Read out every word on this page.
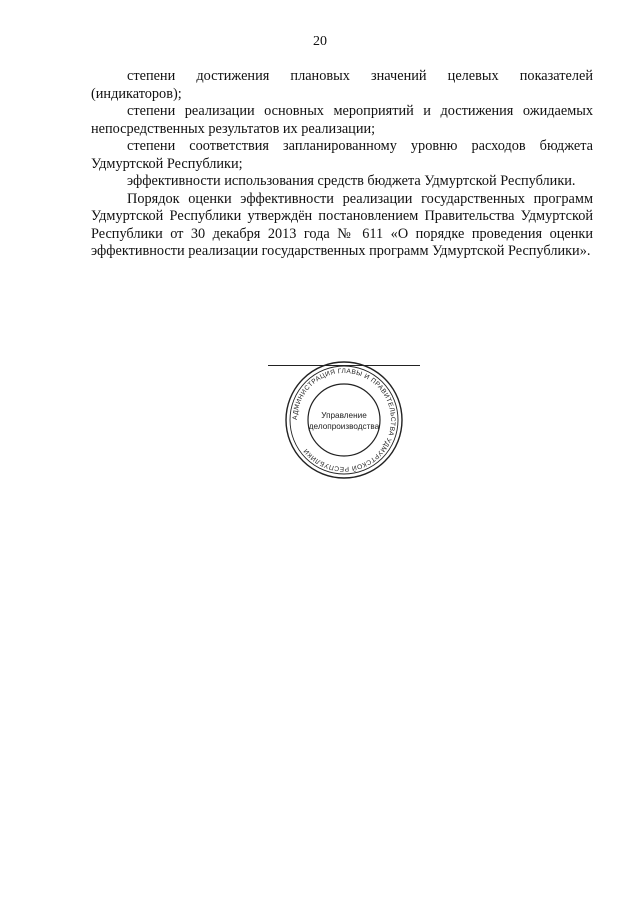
20

степени достижения плановых значений целевых показателей (индикаторов);

степени реализации основных мероприятий и достижения ожидаемых непосредственных результатов их реализации;

степени соответствия запланированному уровню расходов бюджета Удмуртской Республики;

эффективности использования средств бюджета Удмуртской Республики.

Порядок оценки эффективности реализации государственных программ Удмуртской Республики утверждён постановлением Правительства Удмуртской Республики от 30 декабря 2013 года № 611 «О порядке проведения оценки эффективности реализации государственных программ Удмуртской Республики».

АДМИНИСТРАЦИЯ ГЛАВЫ И ПРАВИТЕЛЬСТВА УДМУРТСКОЙ РЕСПУБЛИКИ
Управление
делопроизводства
